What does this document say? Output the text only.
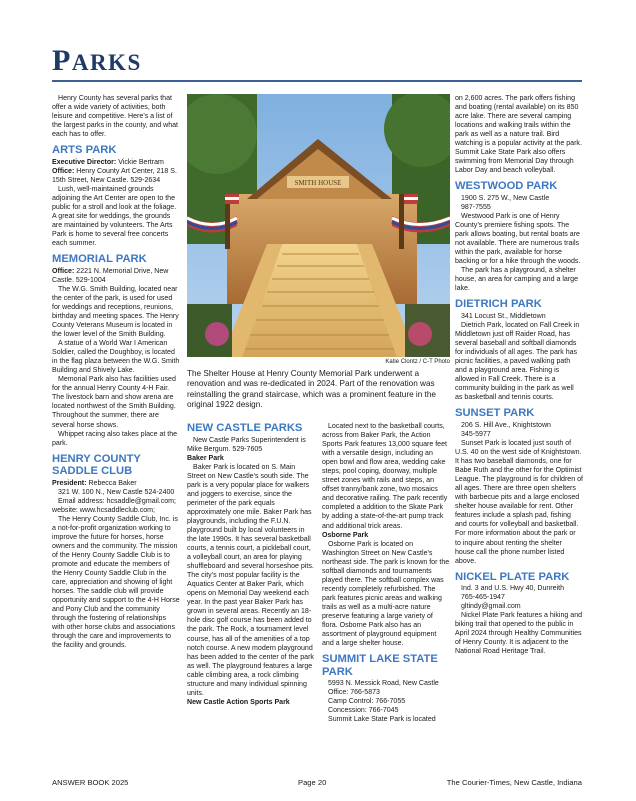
PARKS

Henry County has several parks that offer a wide variety of activities, both leisure and competitive. Here’s a list of the largest parks in the county, and what each has to offer.

ARTS PARK

Executive Director: Vickie Bertram

Office: Henry County Art Center, 218 S. 15th Street, New Castle. 529-2634

Lush, well-maintained grounds adjoining the Art Center are open to the public for a stroll and look at the foliage. A great site for weddings, the grounds are maintained by volunteers. The Arts Park is home to several free concerts each summer.

MEMORIAL PARK

Office: 2221 N. Memorial Drive, New Castle. 529-1004

The W.G. Smith Building, located near the center of the park, is used for used for weddings and receptions, reunions, birthday and meeting spaces. The Henry County Veterans Museum is located in the lower level of the Smith Building.

A statue of a World War I American Soldier, called the Doughboy, is located in the flag plaza between the W.G. Smith Building and Shively Lake.

Memorial Park also has facilities used for the annual Henry County 4-H Fair. The livestock barn and show arena are located northwest of the Smith Building. Throughout the summer, there are several horse shows.

Whippet racing also takes place at the park.

HENRY COUNTY
SADDLE CLUB

President: Rebecca Baker

321 W. 100 N., New Castle 524-2400

Email address: hcsaddle@gmail.com; website: www.hcsaddleclub.com;

The Henry County Saddle Club, Inc. is a not-for-profit organization working to improve the future for horses, horse owners and the community. The mission of the Henry County Saddle Club is to promote and educate the members of the Henry County Saddle Club in the care, appreciation and showing of light horses. The saddle club will provide opportunity and support to the 4-H Horse and Pony Club and the community through the fostering of relationships with other horse clubs and associations through the care and improvements to the facility and grounds.

SMITH HOUSE
Katie Clontz / C-T Photo
The Shelter House at Henry County Memorial Park underwent a renovation and was re-dedicated in 2024. Part of the renovation was reinstalling the grand staircase, which was a prominent feature in the original 1922 design.
NEW CASTLE PARKS

New Castle Parks Superintendent is Mike Bergum. 529-7605

Baker Park

Baker Park is located on S. Main Street on New Castle’s south side. The park is a very popular place for walkers and joggers to exercise, since the perimeter of the park equals approximately one mile. Baker Park has playgrounds, including the F.U.N. playground built by local volunteers in the late 1990s. It has several basketball courts, a tennis court, a pickleball court, a volleyball court, an area for playing shuffleboard and several horseshoe pits. The city’s most popular facility is the Aquatics Center at Baker Park, which opens on Memorial Day weekend each year. In the past year Baker Park has grown in several areas. Recently an 18-hole disc golf course has been added to the park. The Rock, a tournament level course, has all of the amenities of a top notch course. A new modern playground has been added to the center of the park as well. The playground features a large cable climbing area, a rock climbing structure and many individual spinning units.

New Castle Action Sports Park

Located next to the basketball courts, across from Baker Park, the Action Sports Park features 13,000 square feet with a versatile design, including an open bowl and flow area, wedding cake steps, pool coping, doorway, multiple street zones with rails and steps, an offset tranny/bank zone, two mosaics and decorative railing. The park recently completed a addition to the Skate Park by adding a state-of-the-art pump track and additional trick areas.

Osborne Park

Osborne Park is located on Washington Street on New Castle’s northeast side. The park is known for the softball diamonds and tournaments played there. The softball complex was recently completely refurbished. The park features picnic areas and walking trails as well as a multi-acre nature preserve featuring a large variety of flora. Osborne Park also has an assortment of playground equipment and a large shelter house.

SUMMIT LAKE STATE PARK

5993 N. Messick Road, New Castle

Office: 766-5873

Camp Control: 766-7055

Concession: 766-7045

Summit Lake State Park is located

on 2,600 acres. The park offers fishing and boating (rental available) on its 850 acre lake. There are several camping locations and walking trails within the park as well as a nature trail. Bird watching is a popular activity at the park. Summit Lake State Park also offers swimming from Memorial Day through Labor Day and beach volleyball.

WESTWOOD PARK

1900 S. 275 W., New Castle

987-7555

Westwood Park is one of Henry County’s premiere fishing spots. The park allows boating, but rental boats are not available. There are numerous trails within the park, available for horse backing or for a hike through the woods.

The park has a playground, a shelter house, an area for camping and a large lake.

DIETRICH PARK

341 Locust St., Middletown

Dietrich Park, located on Fall Creek in Middletown just off Raider Road, has several baseball and softball diamonds for individuals of all ages. The park has picnic facilities, a paved walking path and a playground area. Fishing is allowed in Fall Creek. There is a community building in the park as well as basketball and tennis courts.

SUNSET PARK

206 S. Hill Ave., Knightstown

345-5977

Sunset Park is located just south of U.S. 40 on the west side of Knightstown. It has two baseball diamonds, one for Babe Ruth and the other for the Optimist League. The playground is for children of all ages. There are three open shelters with barbecue pits and a large enclosed shelter house available for rent. Other features include a splash pad, fishing and courts for volleyball and basketball. For more information about the park or to inquire about renting the shelter house call the phone number listed above.

NICKEL PLATE PARK

Ind. 3 and U.S. Hwy 40, Dunreith

765-465-1947

gltindy@gmail.com

Nickel Plate Park features a hiking and biking trail that opened to the public in April 2024 through Healthy Communities of Henry County. It is adjacent to the National Road Heritage Trail.

ANSWER BOOK 2025	Page 20	The Courier-Times, New Castle, Indiana
